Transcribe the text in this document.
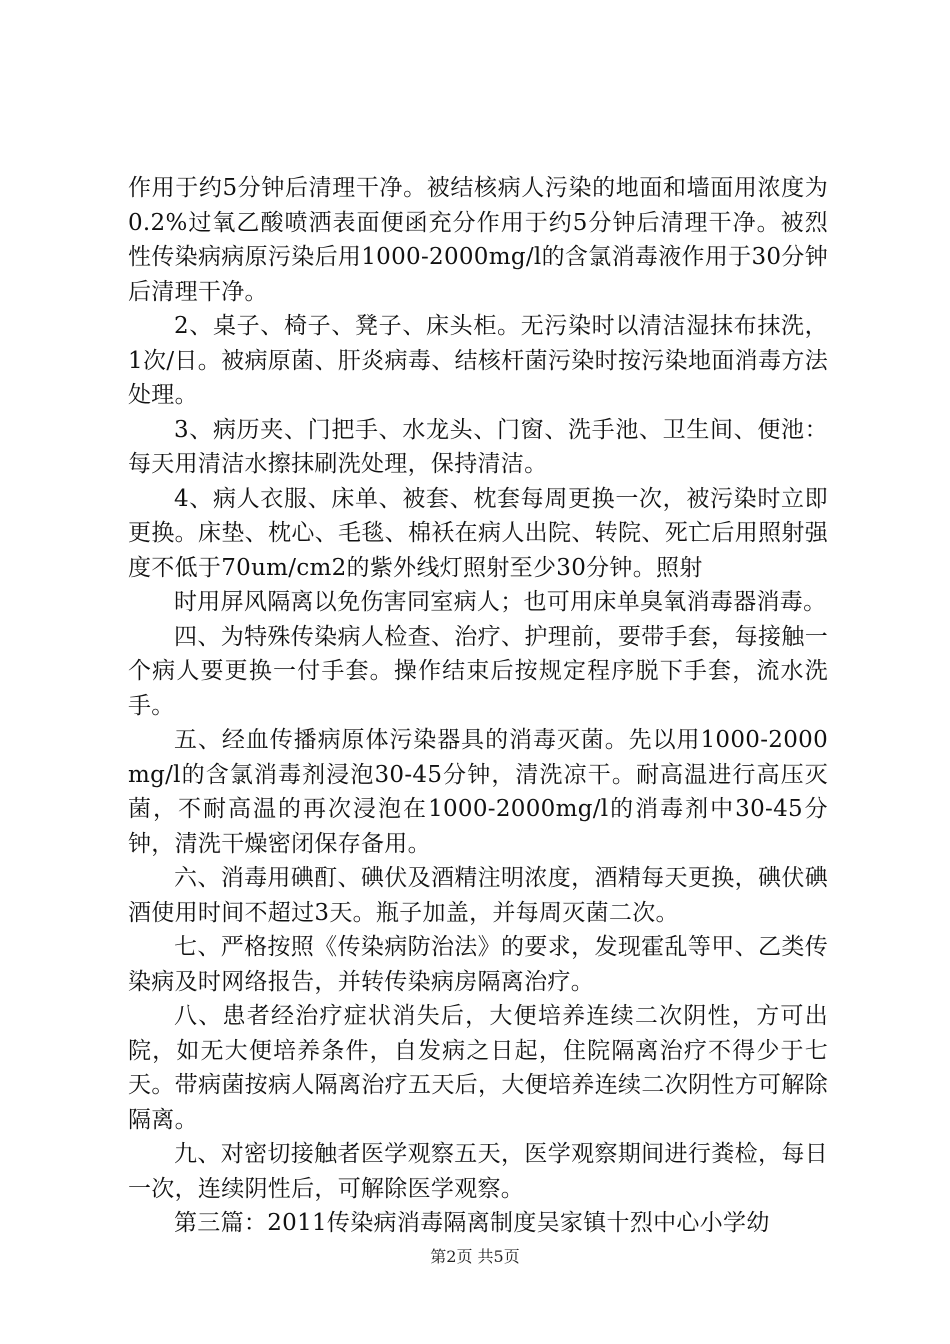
作用于约5分钟后清理干净。被结核病人污染的地面和墙面用浓度为0.2%过氧乙酸喷洒表面便函充分作用于约5分钟后清理干净。被烈性传染病病原污染后用1000-2000mg/l的含氯消毒液作用于30分钟后清理干净。

2、桌子、椅子、凳子、床头柜。无污染时以清洁湿抹布抹洗，1次/日。被病原菌、肝炎病毒、结核杆菌污染时按污染地面消毒方法处理。

3、病历夹、门把手、水龙头、门窗、洗手池、卫生间、便池：每天用清洁水擦抹刷洗处理，保持清洁。

4、病人衣服、床单、被套、枕套每周更换一次，被污染时立即更换。床垫、枕心、毛毯、棉袄在病人出院、转院、死亡后用照射强度不低于70um/cm2的紫外线灯照射至少30分钟。照射

时用屏风隔离以免伤害同室病人；也可用床单臭氧消毒器消毒。

四、为特殊传染病人检查、治疗、护理前，要带手套，每接触一个病人要更换一付手套。操作结束后按规定程序脱下手套，流水洗手。

五、经血传播病原体污染器具的消毒灭菌。先以用1000-2000mg/l的含氯消毒剂浸泡30-45分钟，清洗凉干。耐高温进行高压灭菌，不耐高温的再次浸泡在1000-2000mg/l的消毒剂中30-45分钟，清洗干燥密闭保存备用。

六、消毒用碘酊、碘伏及酒精注明浓度，酒精每天更换，碘伏碘酒使用时间不超过3天。瓶子加盖，并每周灭菌二次。

七、严格按照《传染病防治法》的要求，发现霍乱等甲、乙类传染病及时网络报告，并转传染病房隔离治疗。

八、患者经治疗症状消失后，大便培养连续二次阴性，方可出院，如无大便培养条件，自发病之日起，住院隔离治疗不得少于七天。带病菌按病人隔离治疗五天后，大便培养连续二次阴性方可解除隔离。

九、对密切接触者医学观察五天，医学观察期间进行粪检，每日一次，连续阴性后，可解除医学观察。

第三篇：2011传染病消毒隔离制度吴家镇十烈中心小学幼

第2页 共5页
